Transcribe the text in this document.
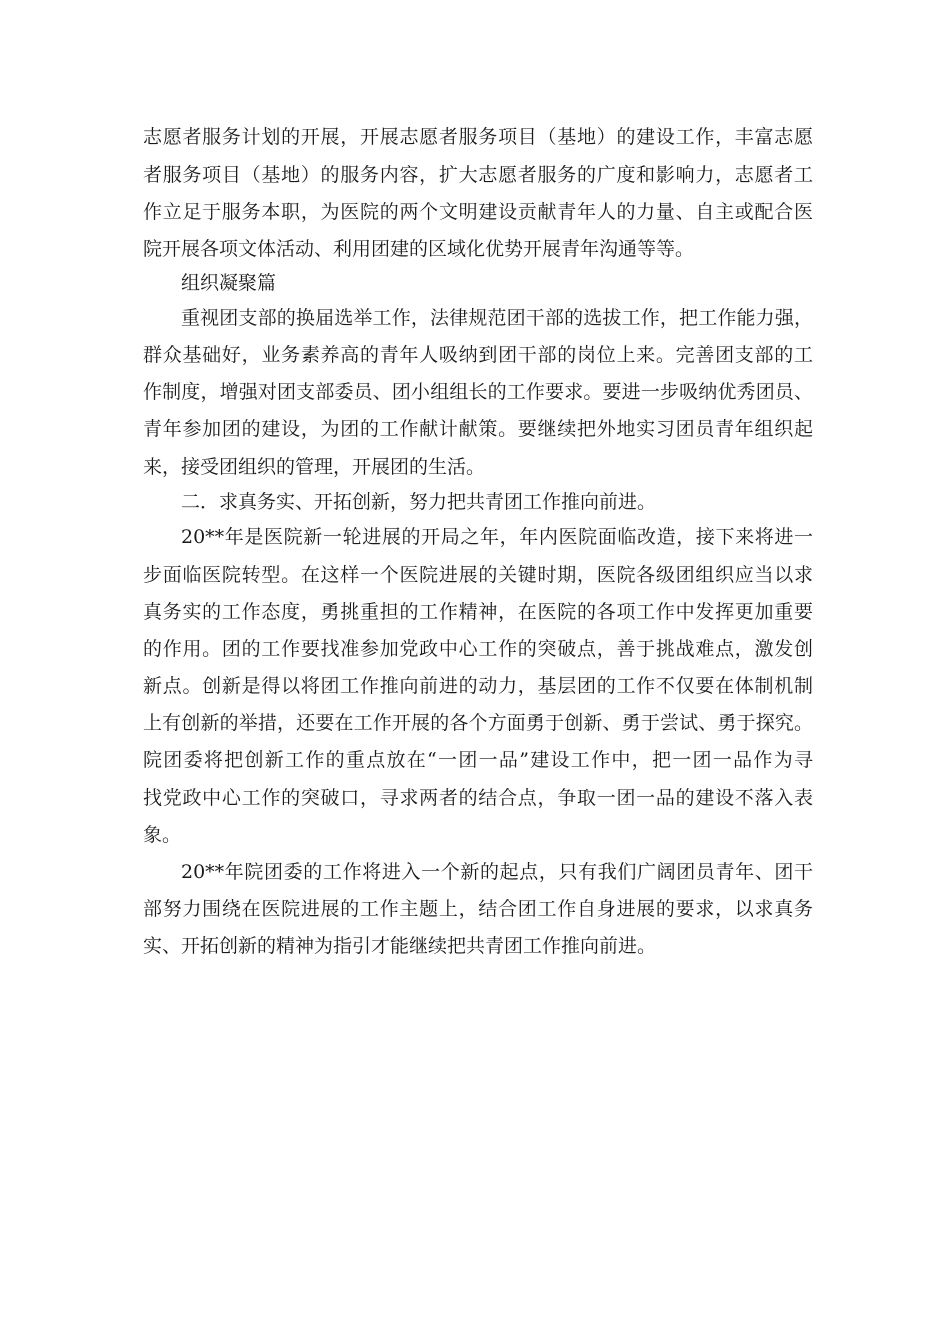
志愿者服务计划的开展，开展志愿者服务项目（基地）的建设工作，丰富志愿
者服务项目（基地）的服务内容，扩大志愿者服务的广度和影响力，志愿者工
作立足于服务本职，为医院的两个文明建设贡献青年人的力量、自主或配合医
院开展各项文体活动、利用团建的区域化优势开展青年沟通等等。
组织凝聚篇
重视团支部的换届选举工作，法律规范团干部的选拔工作，把工作能力强，
群众基础好，业务素养高的青年人吸纳到团干部的岗位上来。完善团支部的工
作制度，增强对团支部委员、团小组组长的工作要求。要进一步吸纳优秀团员、
青年参加团的建设，为团的工作献计献策。要继续把外地实习团员青年组织起
来，接受团组织的管理，开展团的生活。
二．求真务实、开拓创新，努力把共青团工作推向前进。
20**年是医院新一轮进展的开局之年，年内医院面临改造，接下来将进一
步面临医院转型。在这样一个医院进展的关键时期，医院各级团组织应当以求
真务实的工作态度，勇挑重担的工作精神，在医院的各项工作中发挥更加重要
的作用。团的工作要找准参加党政中心工作的突破点，善于挑战难点，激发创
新点。创新是得以将团工作推向前进的动力，基层团的工作不仅要在体制机制
上有创新的举措，还要在工作开展的各个方面勇于创新、勇于尝试、勇于探究。
院团委将把创新工作的重点放在“一团一品”建设工作中，把一团一品作为寻
找党政中心工作的突破口，寻求两者的结合点，争取一团一品的建设不落入表
象。
20**年院团委的工作将进入一个新的起点，只有我们广阔团员青年、团干
部努力围绕在医院进展的工作主题上，结合团工作自身进展的要求，以求真务
实、开拓创新的精神为指引才能继续把共青团工作推向前进。
